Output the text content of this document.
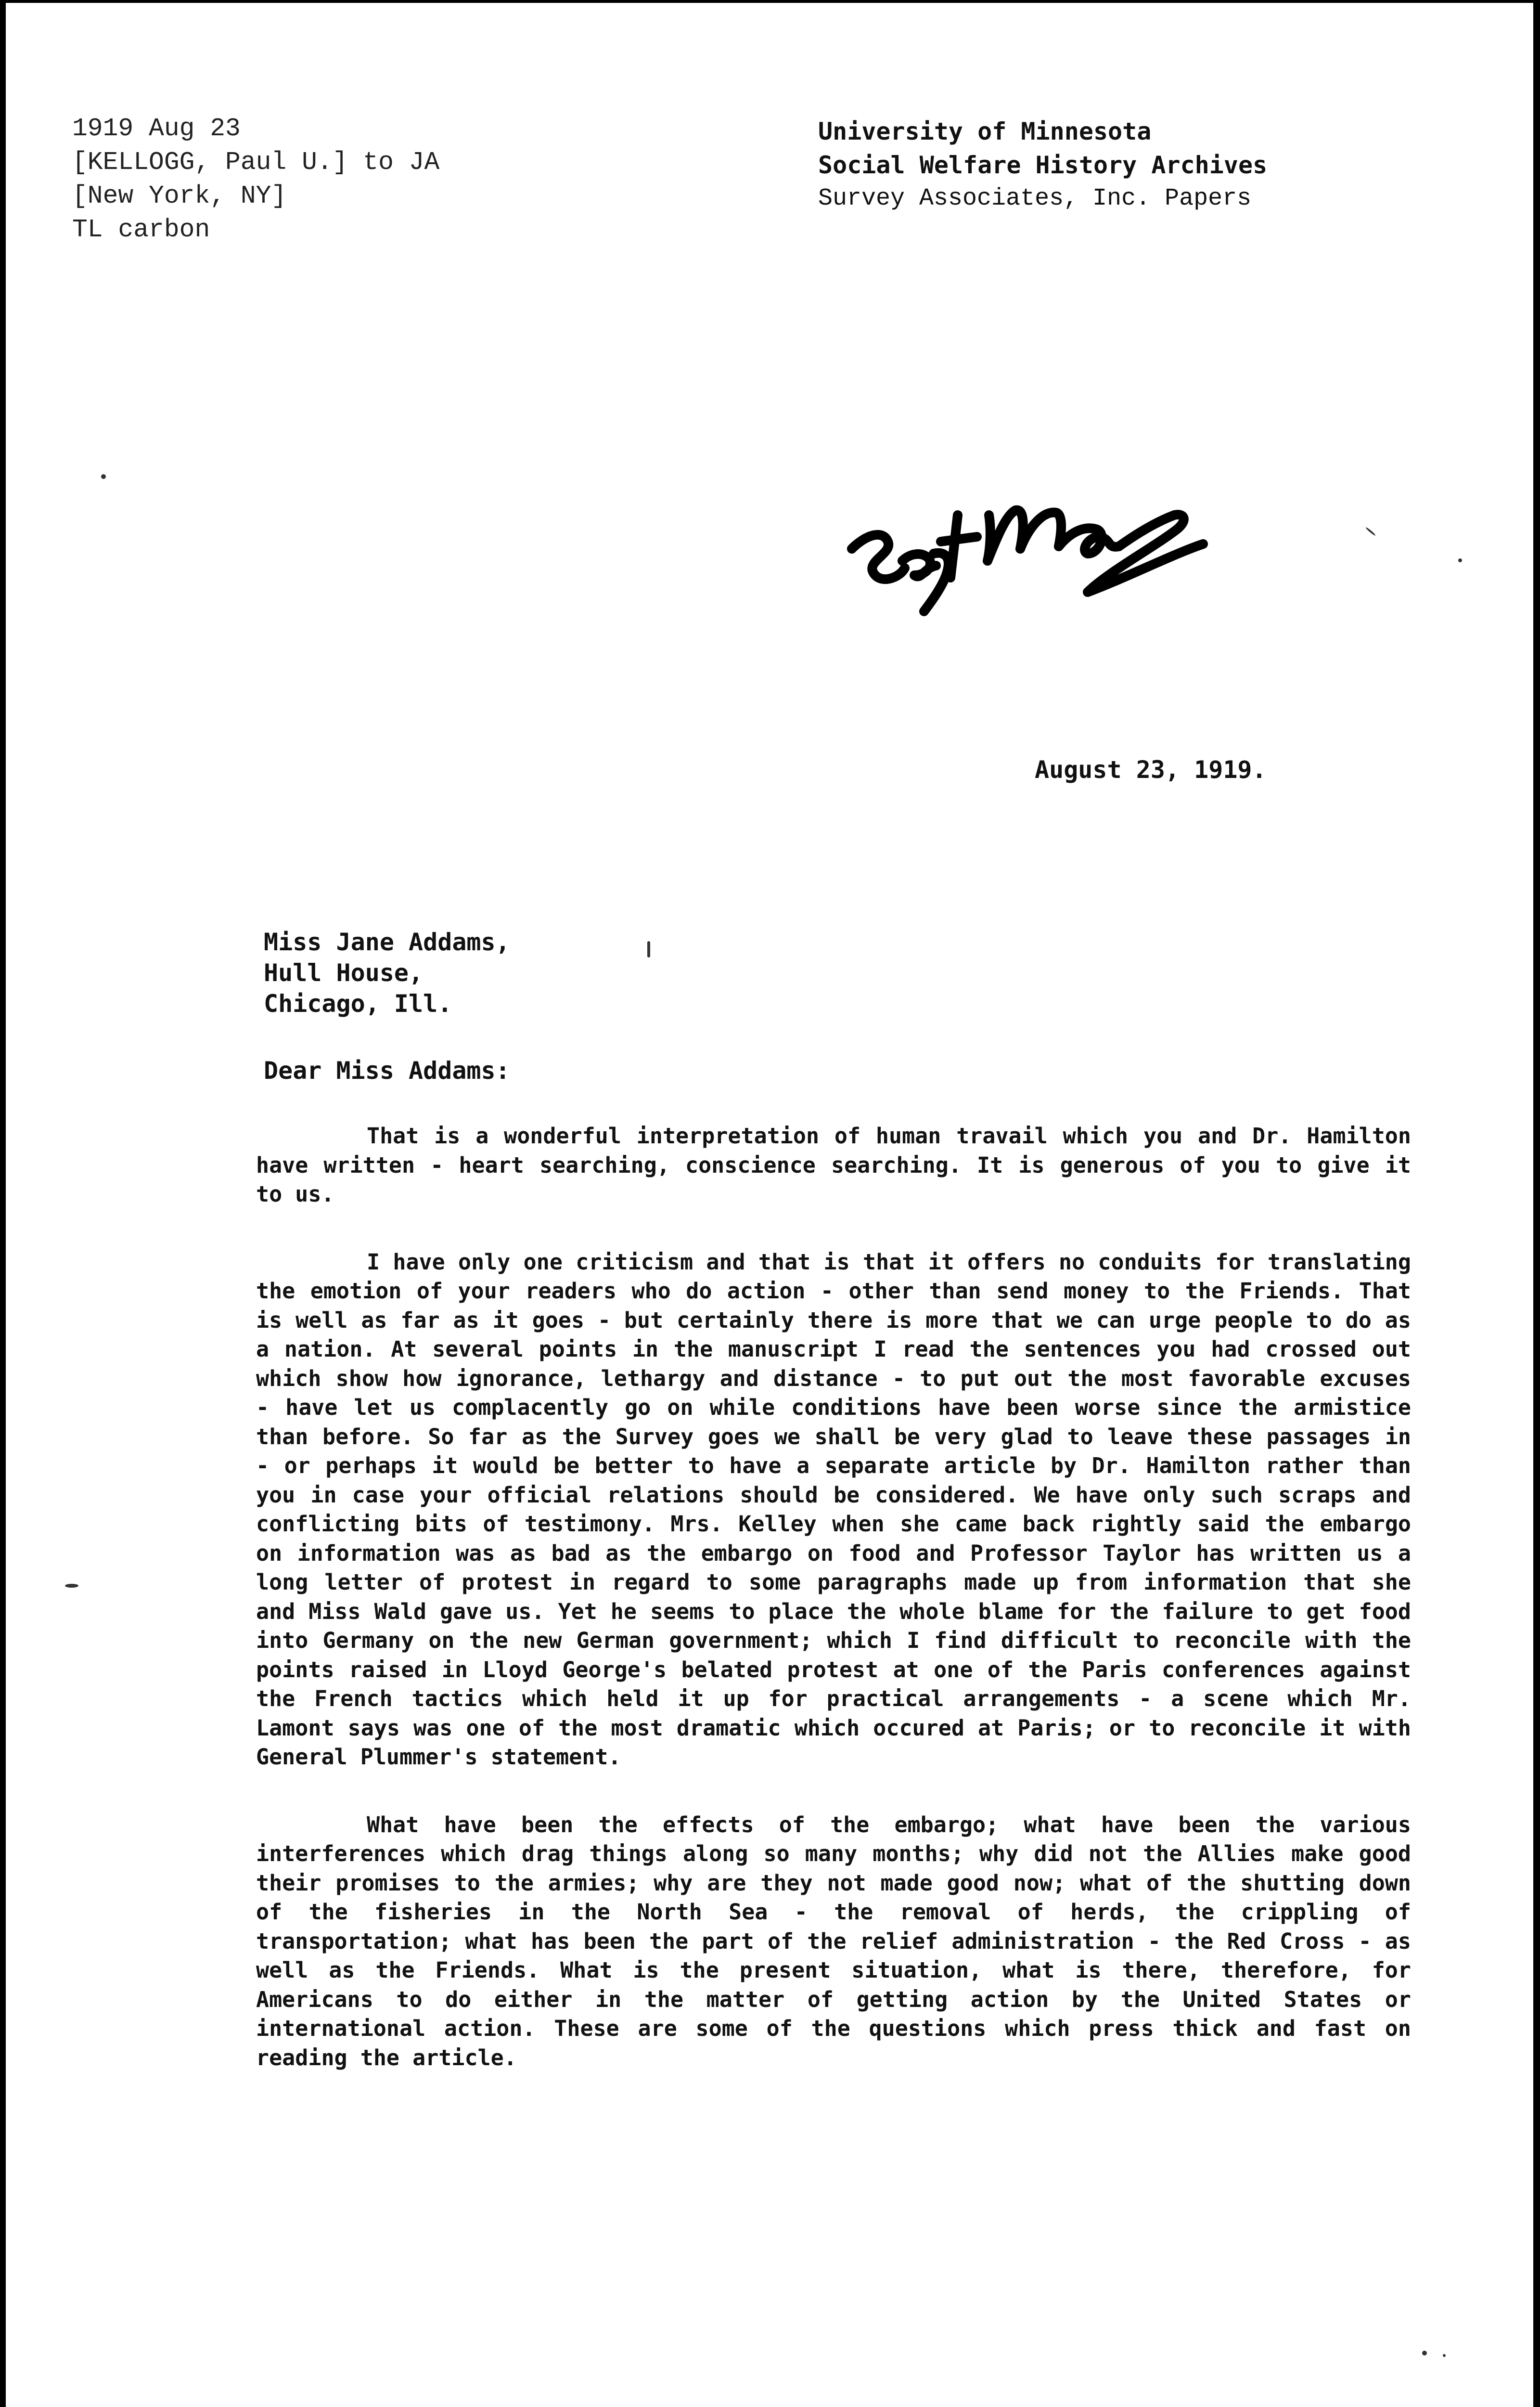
1919 Aug 23
[KELLOGG, Paul U.] to JA
[New York, NY]
TL carbon
University of Minnesota
Social Welfare History Archives
Survey Associates, Inc. Papers
August 23, 1919.
Miss Jane Addams,
Hull House,
Chicago, Ill.
Dear Miss Addams:

That is a wonderful interpretation of human travail which you and Dr. Hamilton have written - heart searching, conscience searching. It is generous of you to give it to us.

I have only one criticism and that is that it offers no conduits for translating the emotion of your readers who do action - other than send money to the Friends. That is well as far as it goes - but certainly there is more that we can urge people to do as a nation. At several points in the manuscript I read the sentences you had crossed out which show how ignorance, lethargy and distance - to put out the most favorable excuses - have let us complacently go on while conditions have been worse since the armistice than before. So far as the Survey goes we shall be very glad to leave these passages in - or perhaps it would be better to have a separate article by Dr. Hamilton rather than you in case your official relations should be considered. We have only such scraps and conflicting bits of testimony. Mrs. Kelley when she came back rightly said the embargo on information was as bad as the embargo on food and Professor Taylor has written us a long letter of protest in regard to some paragraphs made up from information that she and Miss Wald gave us. Yet he seems to place the whole blame for the failure to get food into Germany on the new German government; which I find difficult to reconcile with the points raised in Lloyd George's belated protest at one of the Paris conferences against the French tactics which held it up for practical arrangements - a scene which Mr. Lamont says was one of the most dramatic which occured at Paris; or to reconcile it with General Plummer's statement.

What have been the effects of the embargo; what have been the various interferences which drag things along so many months; why did not the Allies make good their promises to the armies; why are they not made good now; what of the shutting down of the fisheries in the North Sea - the removal of herds, the crippling of transportation; what has been the part of the relief administration - the Red Cross - as well as the Friends. What is the present situation, what is there, therefore, for Americans to do either in the matter of getting action by the United States or international action. These are some of the questions which press thick and fast on reading the article.
